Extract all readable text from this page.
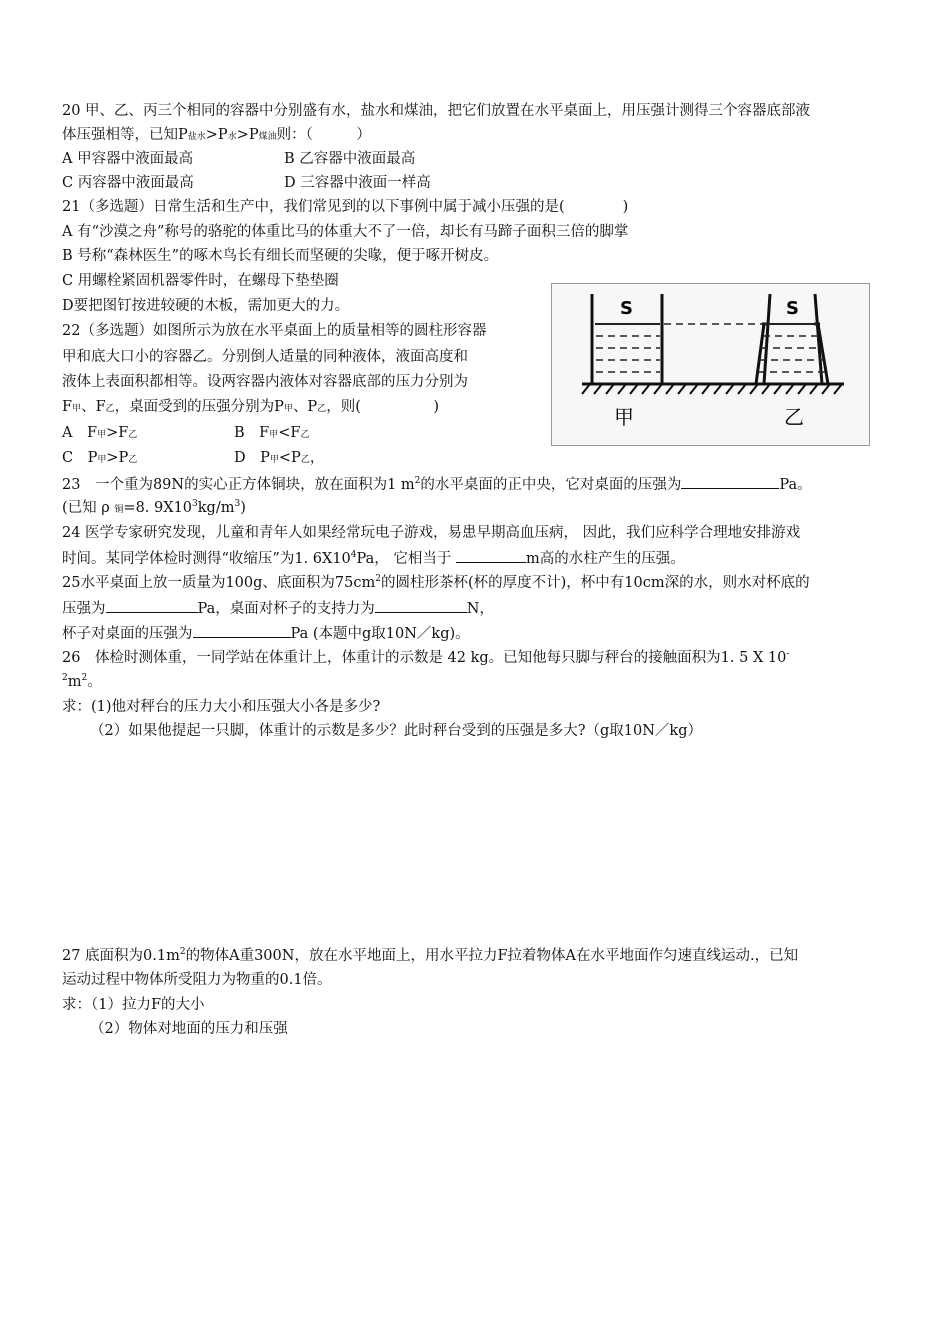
20 甲、乙、丙三个相同的容器中分别盛有水，盐水和煤油，把它们放置在水平桌面上，用压强计测得三个容器底部液
体压强相等，已知P盐水>P水>P煤油则：（　　　）
A 甲容器中液面最高	B 乙容器中液面最高
C 丙容器中液面最高	D 三容器中液面一样高
21（多选题）日常生活和生产中，我们常见到的以下事例中属于减小压强的是(　　　　)
A 有“沙漠之舟”称号的骆驼的体重比马的体重大不了一倍，却长有马蹄子面积三倍的脚掌
B 号称“森林医生”的啄木鸟长有细长而坚硬的尖喙，便于啄开树皮。
C 用螺栓紧固机器零件时，在螺母下垫垫圈
D要把图钉按进较硬的木板，需加更大的力。
22（多选题）如图所示为放在水平桌面上的质量相等的圆柱形容器
甲和底大口小的容器乙。分别倒人适量的同种液体，液面高度和
液体上表面积都相等。设两容器内液体对容器底部的压力分别为
F甲、F乙，桌面受到的压强分别为P甲、P乙，则(　　　　　)
A　F甲>F乙	B　F甲<F乙
C　P甲>P乙	D　P甲<P乙，
S	S
甲	乙
23　一个重为89N的实心正方体铜块，放在面积为1 $m^2$的水平桌面的正中央，它对桌面的压强为	Pa。
(已知 ρ 铜=8. $9X10^3kg/m^3$)
24 医学专家研究发现，儿童和青年人如果经常玩电子游戏，易患早期高血压病， 因此，我们应科学合理地安排游戏
时间。某同学体检时测得“收缩压”为1. $6X10^4Pa$， 它相当于	m高的水柱产生的压强。
25水平桌面上放一质量为100g、底面积为$75cm^2$的圆柱形茶杯(杯的厚度不计)，杯中有10cm深的水，则水对杯底的
压强为	Pa，桌面对杯子的支持力为	N，
杯子对桌面的压强为	Pa (本题中g取10N／kg)。
26　体检时测体重，一同学站在体重计上，体重计的示数是 42 kg。已知他每只脚与秤台的接触面积为1. 5 X 10-
$^2m^2$。
求：(1)他对秤台的压力大小和压强大小各是多少?
（2）如果他提起一只脚，体重计的示数是多少？此时秤台受到的压强是多大?（g取10N／kg）
27 底面积为$0.1m^2$的物体A重300N，放在水平地面上，用水平拉力F拉着物体A在水平地面作匀速直线运动.，已知
运动过程中物体所受阻力为物重的0.1倍。
求：（1）拉力F的大小
（2）物体对地面的压力和压强
